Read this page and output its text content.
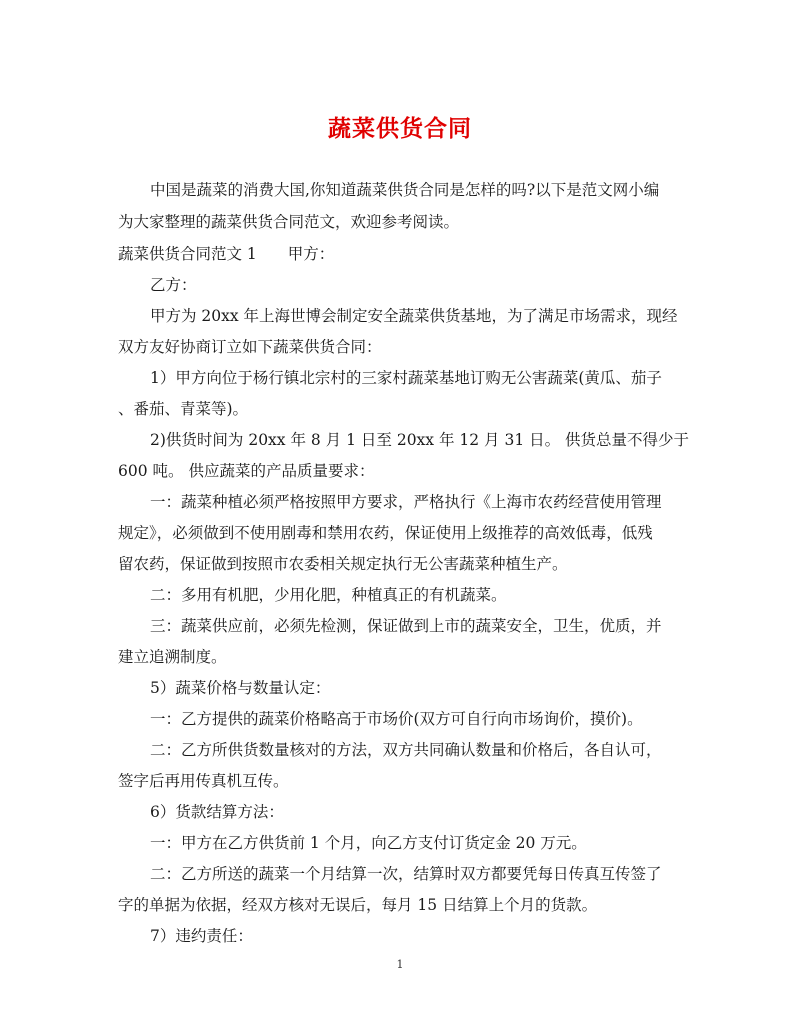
蔬菜供货合同
中国是蔬菜的消费大国,你知道蔬菜供货合同是怎样的吗?以下是范文网小编
为大家整理的蔬菜供货合同范文，欢迎参考阅读。
蔬菜供货合同范文 1　　甲方：
乙方：
甲方为 20xx 年上海世博会制定安全蔬菜供货基地，为了满足市场需求，现经
双方友好协商订立如下蔬菜供货合同：
1）甲方向位于杨行镇北宗村的三家村蔬菜基地订购无公害蔬菜(黄瓜、茄子
、番茄、青菜等)。
2)供货时间为 20xx 年 8 月 1 日至 20xx 年 12 月 31 日。 供货总量不得少于
600 吨。 供应蔬菜的产品质量要求：
一：蔬菜种植必须严格按照甲方要求，严格执行《上海市农药经营使用管理
规定》，必须做到不使用剧毒和禁用农药，保证使用上级推荐的高效低毒，低残
留农药，保证做到按照市农委相关规定执行无公害蔬菜种植生产。
二：多用有机肥，少用化肥，种植真正的有机蔬菜。
三：蔬菜供应前，必须先检测，保证做到上市的蔬菜安全，卫生，优质，并
建立追溯制度。
5）蔬菜价格与数量认定：
一：乙方提供的蔬菜价格略高于市场价(双方可自行向市场询价，摸价)。
二：乙方所供货数量核对的方法，双方共同确认数量和价格后，各自认可，
签字后再用传真机互传。
6）货款结算方法：
一：甲方在乙方供货前 1 个月，向乙方支付订货定金 20 万元。
二：乙方所送的蔬菜一个月结算一次，结算时双方都要凭每日传真互传签了
字的单据为依据，经双方核对无误后，每月 15 日结算上个月的货款。
7）违约责任：
1
